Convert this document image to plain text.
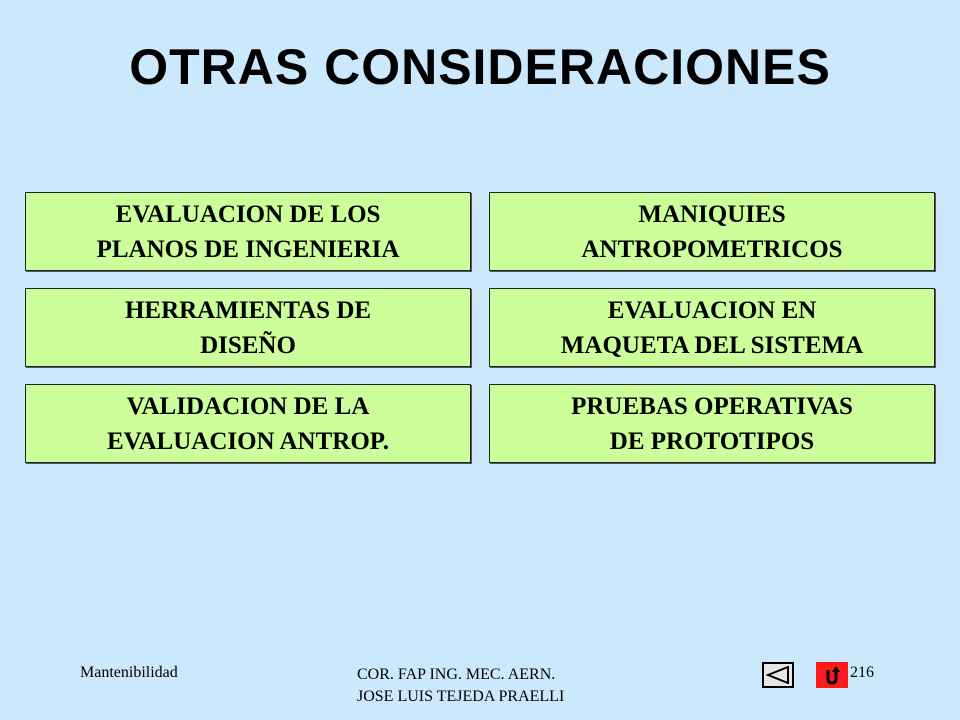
OTRAS CONSIDERACIONES
EVALUACION DE LOS
PLANOS DE INGENIERIA
MANIQUIES
ANTROPOMETRICOS
HERRAMIENTAS DE
DISEÑO
EVALUACION EN
MAQUETA DEL SISTEMA
VALIDACION DE LA
EVALUACION ANTROP.
PRUEBAS OPERATIVAS
DE PROTOTIPOS
Mantenibilidad	COR. FAP ING. MEC. AERN.
JOSE LUIS TEJEDA PRAELLI
216
